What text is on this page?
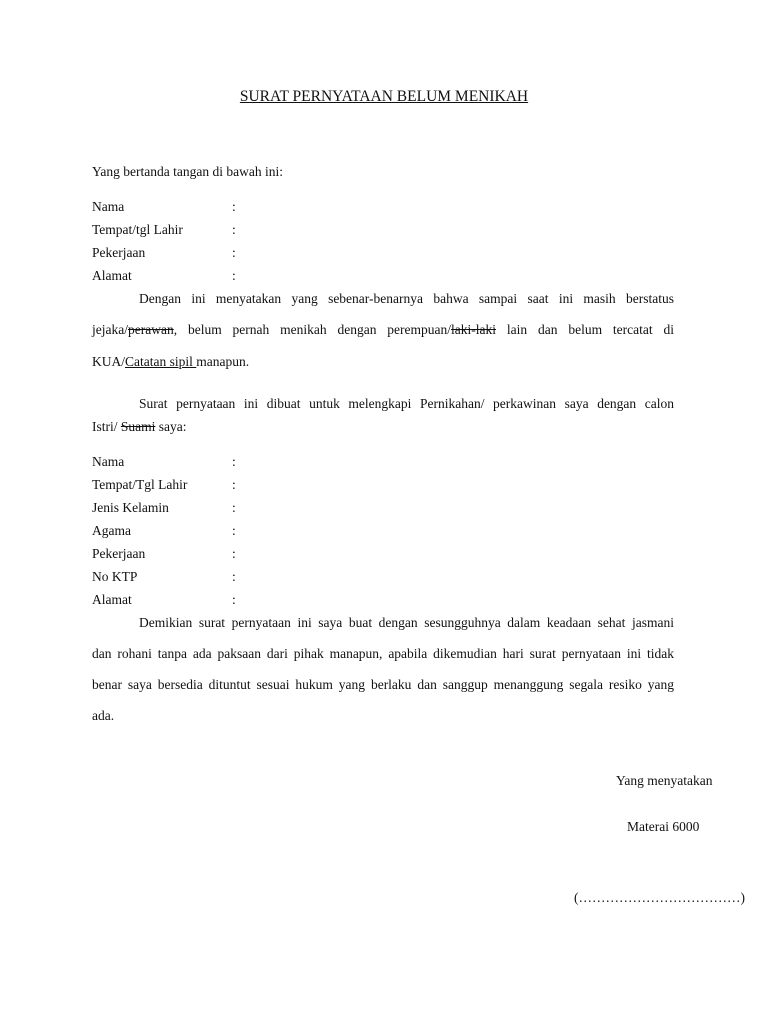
SURAT PERNYATAAN BELUM MENIKAH
Yang bertanda tangan di bawah ini:
Nama	:
Tempat/tgl Lahir	:
Pekerjaan	:
Alamat	:
Dengan ini menyatakan yang sebenar-benarnya bahwa sampai saat ini masih berstatus
jejaka/perawan, belum pernah menikah dengan perempuan/laki-laki lain dan belum tercatat di
KUA/Catatan sipil manapun.
Surat pernyataan ini dibuat untuk melengkapi Pernikahan/ perkawinan saya dengan calon
Istri/ Suami saya:
Nama	:
Tempat/Tgl Lahir	:
Jenis Kelamin	:
Agama	:
Pekerjaan	:
No KTP	:
Alamat	:
Demikian surat pernyataan ini saya buat dengan sesungguhnya dalam keadaan sehat jasmani
dan rohani tanpa ada paksaan dari pihak manapun, apabila dikemudian hari surat pernyataan ini tidak
benar saya bersedia dituntut sesuai hukum yang berlaku dan sanggup menanggung segala resiko yang
ada.
Yang menyatakan
Materai 6000
(………………………………)
